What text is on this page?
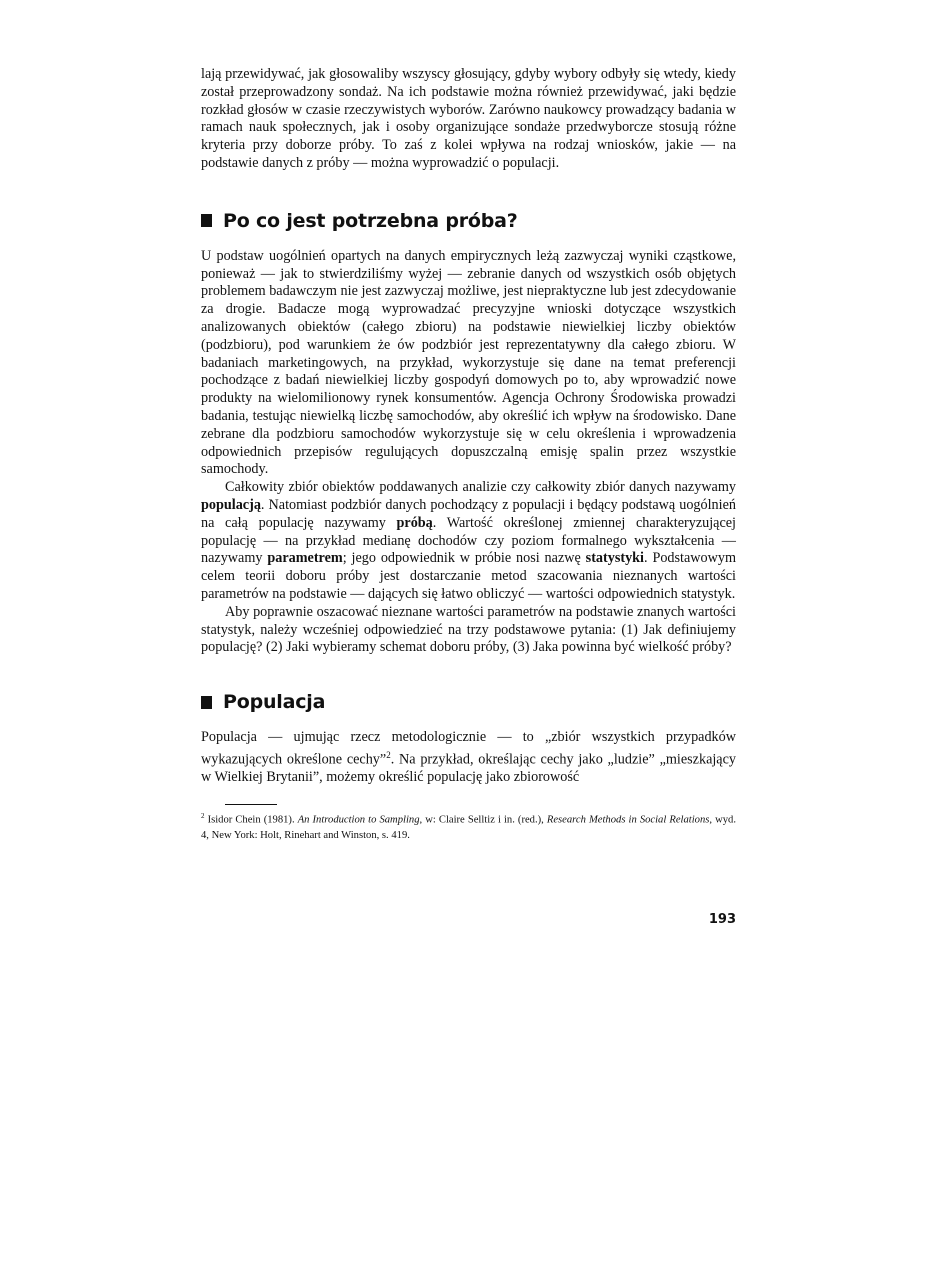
lają przewidywać, jak głosowaliby wszyscy głosujący, gdyby wybory odbyły się wtedy, kiedy został przeprowadzony sondaż. Na ich podstawie można również przewidywać, jaki będzie rozkład głosów w czasie rzeczywistych wyborów. Zarówno naukowcy prowadzący badania w ramach nauk społecznych, jak i osoby organizujące sondaże przedwyborcze stosują różne kryteria przy doborze próby. To zaś z kolei wpływa na rodzaj wniosków, jakie — na podstawie danych z próby — można wyprowadzić o populacji.

Po co jest potrzebna próba?

U podstaw uogólnień opartych na danych empirycznych leżą zazwyczaj wyniki cząstkowe, ponieważ — jak to stwierdziliśmy wyżej — zebranie danych od wszystkich osób objętych problemem badawczym nie jest zazwyczaj możliwe, jest niepraktyczne lub jest zdecydowanie za drogie. Badacze mogą wyprowadzać precyzyjne wnioski dotyczące wszystkich analizowanych obiektów (całego zbioru) na podstawie niewielkiej liczby obiektów (podzbioru), pod warunkiem że ów podzbiór jest reprezentatywny dla całego zbioru. W badaniach marketingowych, na przykład, wykorzystuje się dane na temat preferencji pochodzące z badań niewielkiej liczby gospodyń domowych po to, aby wprowadzić nowe produkty na wielomilionowy rynek konsumentów. Agencja Ochrony Środowiska prowadzi badania, testując niewielką liczbę samochodów, aby określić ich wpływ na środowisko. Dane zebrane dla podzbioru samochodów wykorzystuje się w celu określenia i wprowadzenia odpowiednich przepisów regulujących dopuszczalną emisję spalin przez wszystkie samochody.

Całkowity zbiór obiektów poddawanych analizie czy całkowity zbiór danych nazywamy populacją. Natomiast podzbiór danych pochodzący z populacji i będący podstawą uogólnień na całą populację nazywamy próbą. Wartość określonej zmiennej charakteryzującej populację — na przykład medianę dochodów czy poziom formalnego wykształcenia — nazywamy parametrem; jego odpowiednik w próbie nosi nazwę statystyki. Podstawowym celem teorii doboru próby jest dostarczanie metod szacowania nieznanych wartości parametrów na podstawie — dających się łatwo obliczyć — wartości odpowiednich statystyk.

Aby poprawnie oszacować nieznane wartości parametrów na podstawie znanych wartości statystyk, należy wcześniej odpowiedzieć na trzy podstawowe pytania: (1) Jak definiujemy populację? (2) Jaki wybieramy schemat doboru próby, (3) Jaka powinna być wielkość próby?

Populacja

Populacja — ujmując rzecz metodologicznie — to „zbiór wszystkich przypadków wykazujących określone cechy”$^2$. Na przykład, określając cechy jako „ludzie” „mieszkający w Wielkiej Brytanii”, możemy określić populację jako zbiorowość

$^2$ Isidor Chein (1981). An Introduction to Sampling, w: Claire Selltiz i in. (red.), Research Methods in Social Relations, wyd. 4, New York: Holt, Rinehart and Winston, s. 419.

193
